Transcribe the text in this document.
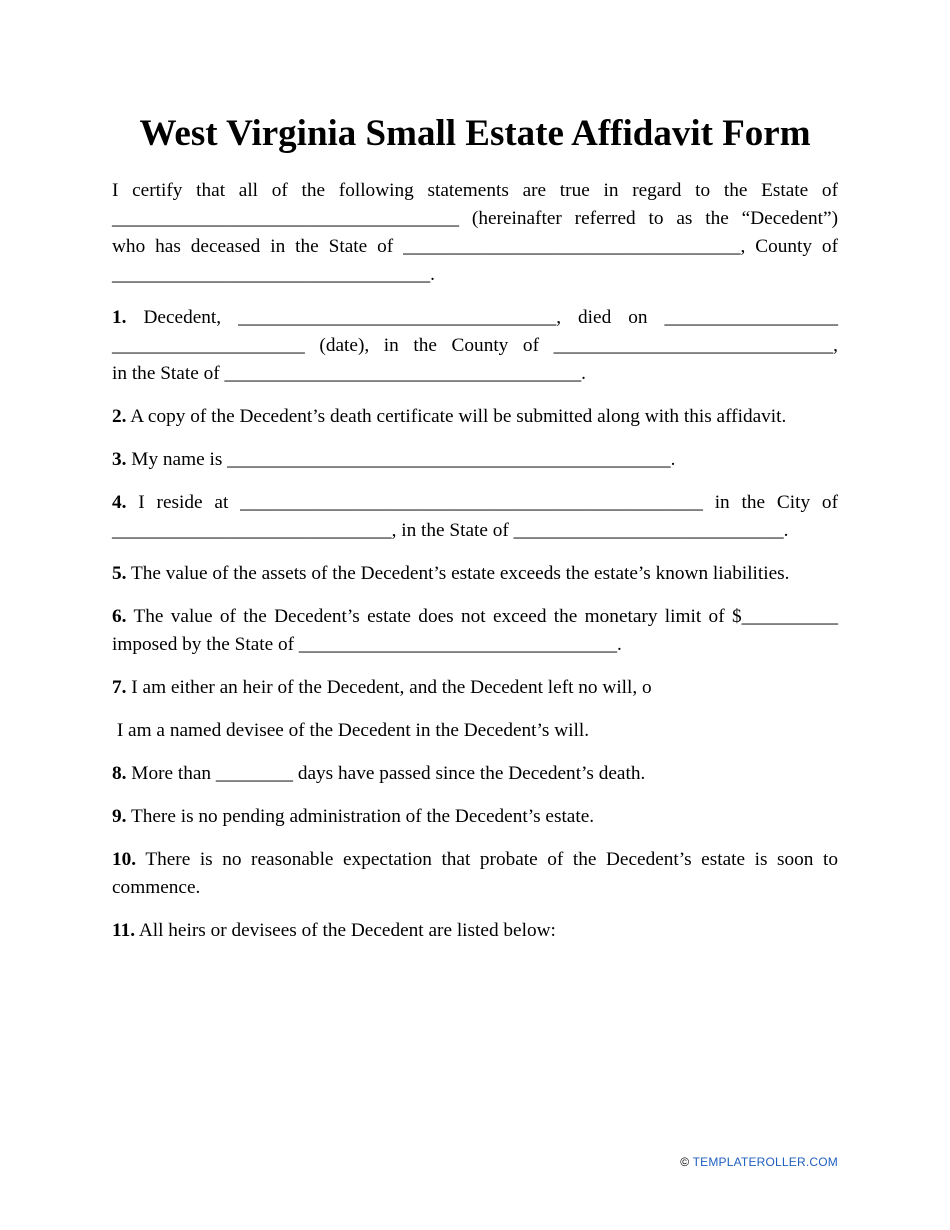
West Virginia Small Estate Affidavit Form
I certify that all of the following statements are true in regard to the Estate of
____________________________________ (hereinafter referred to as the “Decedent”)
who has deceased in the State of ___________________________________, County of
_________________________________.
1. Decedent, _________________________________, died on __________________
____________________ (date), in the County of _____________________________,
in the State of _____________________________________.
2. A copy of the Decedent’s death certificate will be submitted along with this affidavit.
3. My name is ______________________________________________.
4. I reside at ________________________________________________ in the City of
_____________________________, in the State of ____________________________.
5. The value of the assets of the Decedent’s estate exceeds the estate’s known liabilities.
6. The value of the Decedent’s estate does not exceed the monetary limit of $__________
imposed by the State of _________________________________.
7. I am either an heir of the Decedent, and the Decedent left no will, o
I am a named devisee of the Decedent in the Decedent’s will.
8. More than ________ days have passed since the Decedent’s death.
9. There is no pending administration of the Decedent’s estate.
10. There is no reasonable expectation that probate of the Decedent’s estate is soon to
commence.
11. All heirs or devisees of the Decedent are listed below:
© TEMPLATEROLLER.COM
